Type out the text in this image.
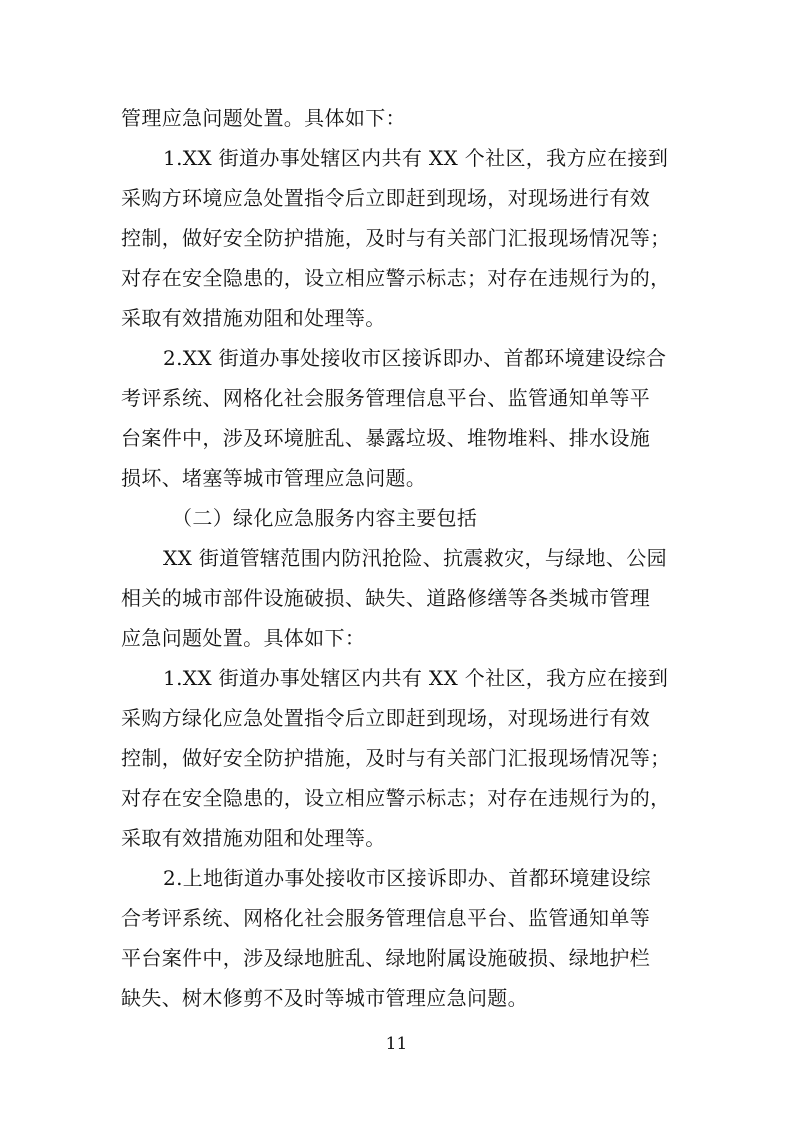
管理应急问题处置。具体如下：
1.XX 街道办事处辖区内共有 XX 个社区，我方应在接到
采购方环境应急处置指令后立即赶到现场，对现场进行有效
控制，做好安全防护措施，及时与有关部门汇报现场情况等；
对存在安全隐患的，设立相应警示标志；对存在违规行为的，
采取有效措施劝阻和处理等。
2.XX 街道办事处接收市区接诉即办、首都环境建设综合
考评系统、网格化社会服务管理信息平台、监管通知单等平
台案件中，涉及环境脏乱、暴露垃圾、堆物堆料、排水设施
损坏、堵塞等城市管理应急问题。
（二）绿化应急服务内容主要包括
XX 街道管辖范围内防汛抢险、抗震救灾，与绿地、公园
相关的城市部件设施破损、缺失、道路修缮等各类城市管理
应急问题处置。具体如下：
1.XX 街道办事处辖区内共有 XX 个社区，我方应在接到
采购方绿化应急处置指令后立即赶到现场，对现场进行有效
控制，做好安全防护措施，及时与有关部门汇报现场情况等；
对存在安全隐患的，设立相应警示标志；对存在违规行为的，
采取有效措施劝阻和处理等。
2.上地街道办事处接收市区接诉即办、首都环境建设综
合考评系统、网格化社会服务管理信息平台、监管通知单等
平台案件中，涉及绿地脏乱、绿地附属设施破损、绿地护栏
缺失、树木修剪不及时等城市管理应急问题。
11
